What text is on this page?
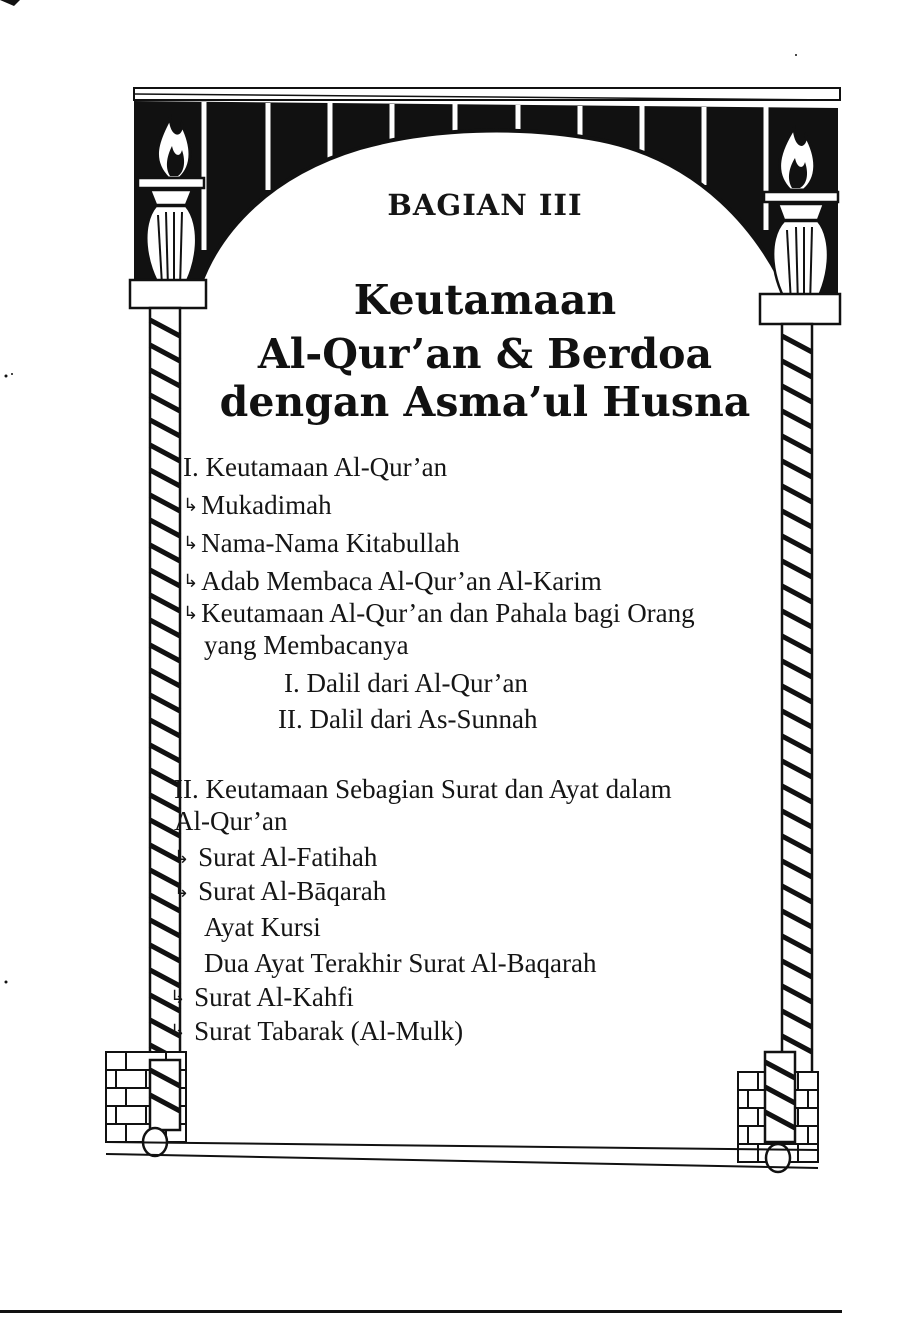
BAGIAN III
Keutamaan
Al-Qur’an & Berdoa
dengan Asma’ul Husna
I. Keutamaan Al-Qur’an
↳ Mukadimah
↳ Nama-Nama Kitabullah
↳ Adab Membaca Al-Qur’an Al-Karim
↳ Keutamaan Al-Qur’an dan Pahala bagi Orang
yang Membacanya
I. Dalil dari Al-Qur’an
II. Dalil dari As-Sunnah
II. Keutamaan Sebagian Surat dan Ayat dalam
Al-Qur’an
↳ Surat Al-Fatihah
↳ Surat Al-Bāqarah
Ayat Kursi
Dua Ayat Terakhir Surat Al-Baqarah
↳ Surat Al-Kahfi
↳ Surat Tabarak (Al-Mulk)
